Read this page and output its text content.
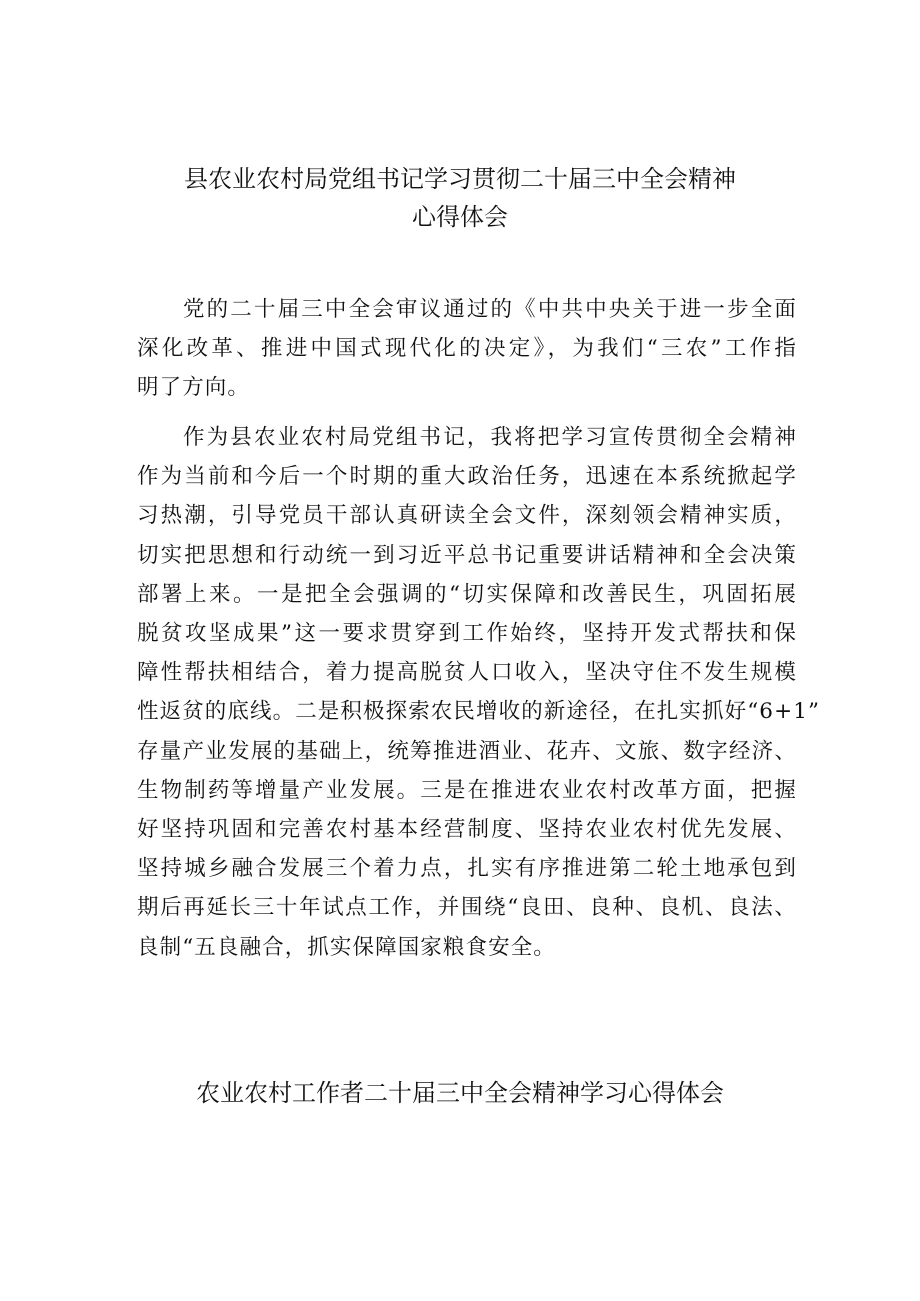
县农业农村局党组书记学习贯彻二十届三中全会精神
心得体会
党的二十届三中全会审议通过的《中共中央关于进一步全面
深化改革、推进中国式现代化的决定》，为我们“三农”工作指
明了方向。
作为县农业农村局党组书记，我将把学习宣传贯彻全会精神
作为当前和今后一个时期的重大政治任务，迅速在本系统掀起学
习热潮，引导党员干部认真研读全会文件，深刻领会精神实质，
切实把思想和行动统一到习近平总书记重要讲话精神和全会决策
部署上来。一是把全会强调的“切实保障和改善民生，巩固拓展
脱贫攻坚成果”这一要求贯穿到工作始终，坚持开发式帮扶和保
障性帮扶相结合，着力提高脱贫人口收入，坚决守住不发生规模
性返贫的底线。二是积极探索农民增收的新途径，在扎实抓好“6+1”
存量产业发展的基础上，统筹推进酒业、花卉、文旅、数字经济、
生物制药等增量产业发展。三是在推进农业农村改革方面，把握
好坚持巩固和完善农村基本经营制度、坚持农业农村优先发展、
坚持城乡融合发展三个着力点，扎实有序推进第二轮土地承包到
期后再延长三十年试点工作，并围绕“良田、良种、良机、良法、
良制“五良融合，抓实保障国家粮食安全。
农业农村工作者二十届三中全会精神学习心得体会
